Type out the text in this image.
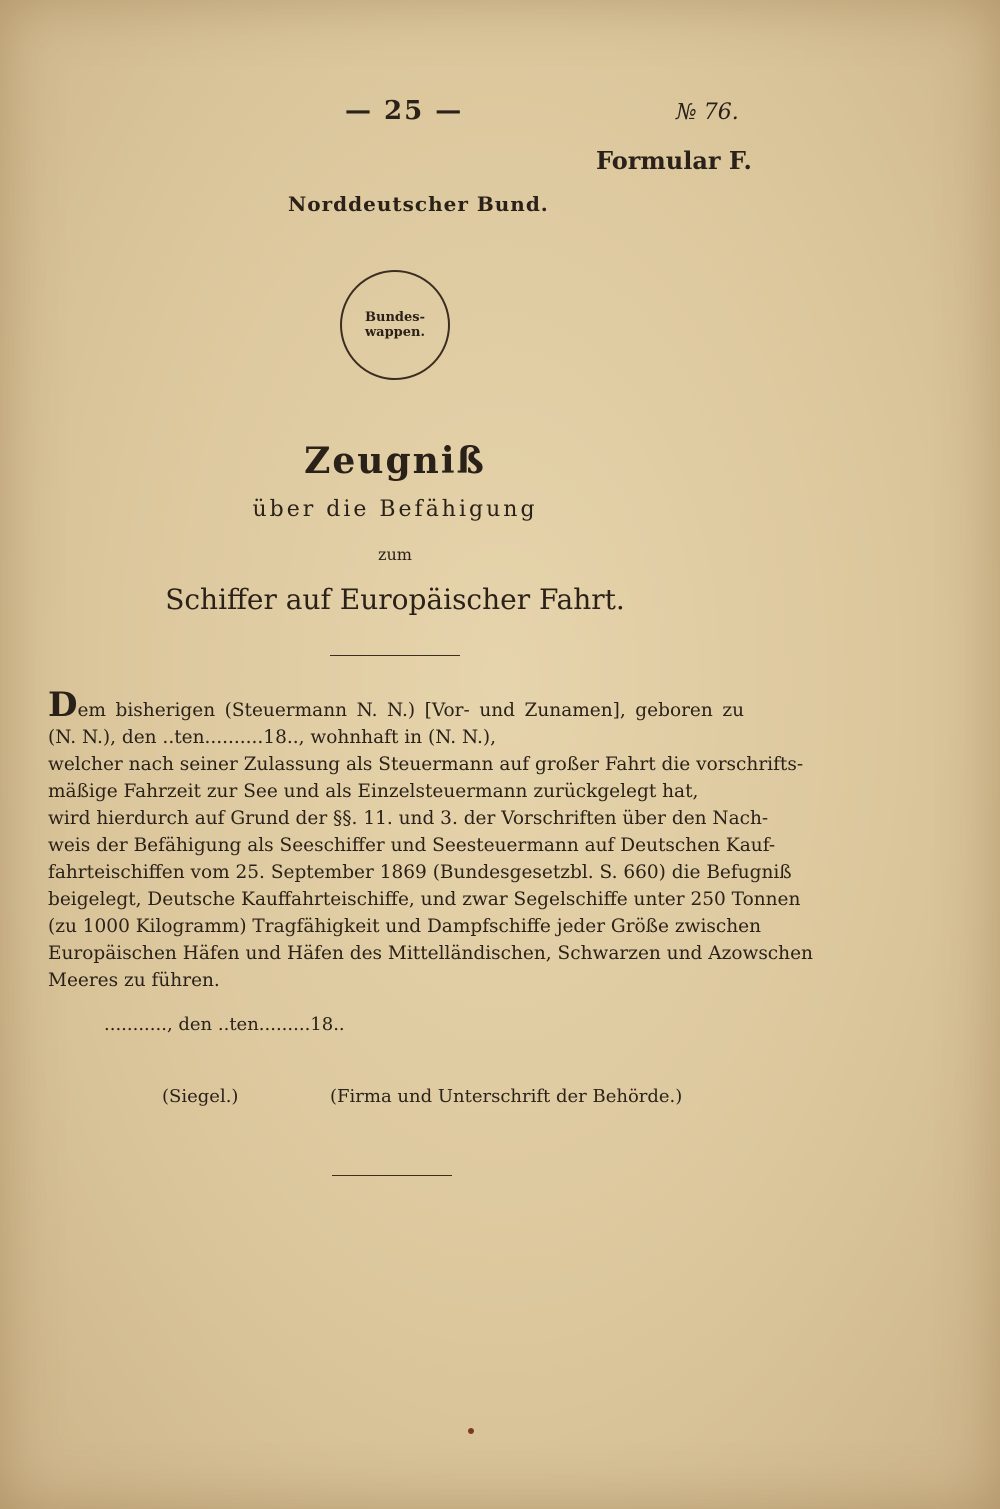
— 25 —	№ 76.
Formular F.
Norddeutscher Bund.
Bundes-
wappen.
Zeugniß
über die Befähigung
zum
Schiffer auf Europäischer Fahrt.
Dem bisherigen (Steuermann N. N.) [Vor- und Zunamen], geboren zu
(N. N.), den ..ten..........18.., wohnhaft in (N. N.),
welcher nach seiner Zulassung als Steuermann auf großer Fahrt die vorschrifts-
mäßige Fahrzeit zur See und als Einzelsteuermann zurückgelegt hat,
wird hierdurch auf Grund der §§. 11. und 3. der Vorschriften über den Nach-
weis der Befähigung als Seeschiffer und Seesteuermann auf Deutschen Kauf-
fahrteischiffen vom 25. September 1869 (Bundesgesetzbl. S. 660) die Befugniß
beigelegt, Deutsche Kauffahrteischiffe, und zwar Segelschiffe unter 250 Tonnen
(zu 1000 Kilogramm) Tragfähigkeit und Dampfschiffe jeder Größe zwischen
Europäischen Häfen und Häfen des Mittelländischen, Schwarzen und Azowschen
Meeres zu führen.
..........., den ..ten.........18..
(Siegel.)	(Firma und Unterschrift der Behörde.)
